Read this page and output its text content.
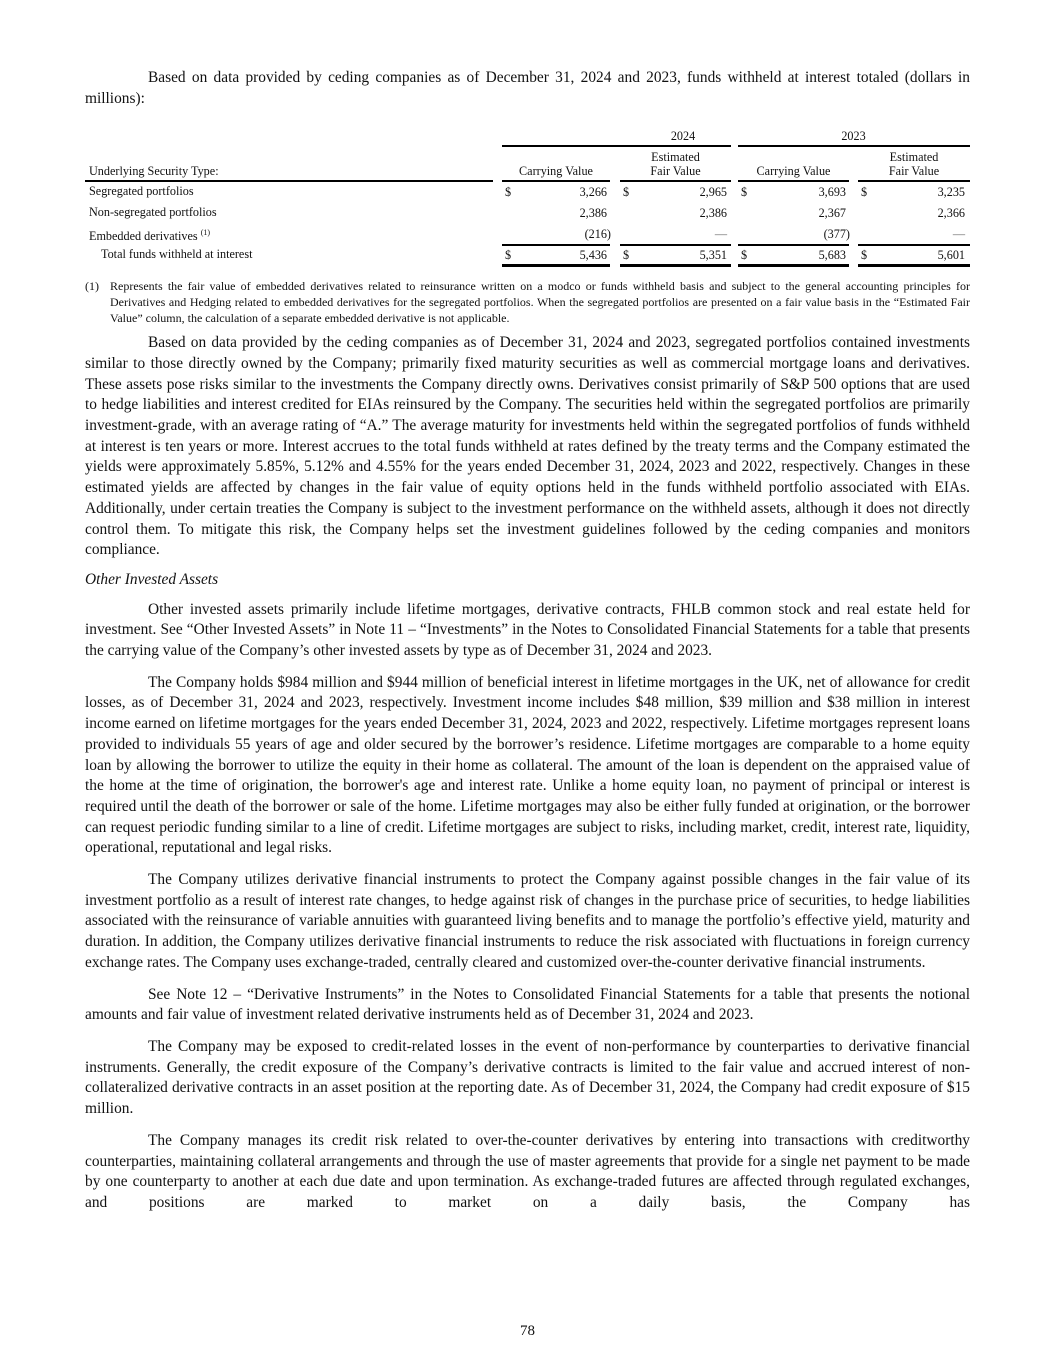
Based on data provided by ceding companies as of December 31, 2024 and 2023, funds withheld at interest totaled (dollars in millions):

2024	2023
Underlying Security Type:	Carrying Value
Estimated
Fair Value	Carrying Value
Estimated
Fair Value
Segregated portfolios	$	3,266 $	2,965 $	3,693 $	3,235
Non-segregated portfolios	2,386	2,386	2,367	2,366
Embedded derivatives $^{(1)}$	(216)	—	(377)	—
Total funds withheld at interest	$	5,436 $	5,351 $	5,683 $	5,601
(1) Represents the fair value of embedded derivatives related to reinsurance written on a modco or funds withheld basis and subject to the general accounting principles for Derivatives and Hedging related to embedded derivatives for the segregated portfolios. When the segregated portfolios are presented on a fair value basis in the “Estimated Fair Value” column, the calculation of a separate embedded derivative is not applicable.

Based on data provided by the ceding companies as of December 31, 2024 and 2023, segregated portfolios contained investments similar to those directly owned by the Company; primarily fixed maturity securities as well as commercial mortgage loans and derivatives. These assets pose risks similar to the investments the Company directly owns. Derivatives consist primarily of S&P 500 options that are used to hedge liabilities and interest credited for EIAs reinsured by the Company. The securities held within the segregated portfolios are primarily investment-grade, with an average rating of “A.” The average maturity for investments held within the segregated portfolios of funds withheld at interest is ten years or more. Interest accrues to the total funds withheld at rates defined by the treaty terms and the Company estimated the yields were approximately 5.85%, 5.12% and 4.55% for the years ended December 31, 2024, 2023 and 2022, respectively. Changes in these estimated yields are affected by changes in the fair value of equity options held in the funds withheld portfolio associated with EIAs. Additionally, under certain treaties the Company is subject to the investment performance on the withheld assets, although it does not directly control them. To mitigate this risk, the Company helps set the investment guidelines followed by the ceding companies and monitors compliance.

Other Invested Assets

Other invested assets primarily include lifetime mortgages, derivative contracts, FHLB common stock and real estate held for investment. See “Other Invested Assets” in Note 11 – “Investments” in the Notes to Consolidated Financial Statements for a table that presents the carrying value of the Company’s other invested assets by type as of December 31, 2024 and 2023.

The Company holds $984 million and $944 million of beneficial interest in lifetime mortgages in the UK, net of allowance for credit losses, as of December 31, 2024 and 2023, respectively. Investment income includes $48 million, $39 million and $38 million in interest income earned on lifetime mortgages for the years ended December 31, 2024, 2023 and 2022, respectively. Lifetime mortgages represent loans provided to individuals 55 years of age and older secured by the borrower’s residence. Lifetime mortgages are comparable to a home equity loan by allowing the borrower to utilize the equity in their home as collateral. The amount of the loan is dependent on the appraised value of the home at the time of origination, the borrower's age and interest rate. Unlike a home equity loan, no payment of principal or interest is required until the death of the borrower or sale of the home. Lifetime mortgages may also be either fully funded at origination, or the borrower can request periodic funding similar to a line of credit. Lifetime mortgages are subject to risks, including market, credit, interest rate, liquidity, operational, reputational and legal risks.

The Company utilizes derivative financial instruments to protect the Company against possible changes in the fair value of its investment portfolio as a result of interest rate changes, to hedge against risk of changes in the purchase price of securities, to hedge liabilities associated with the reinsurance of variable annuities with guaranteed living benefits and to manage the portfolio’s effective yield, maturity and duration. In addition, the Company utilizes derivative financial instruments to reduce the risk associated with fluctuations in foreign currency exchange rates. The Company uses exchange-traded, centrally cleared and customized over-the-counter derivative financial instruments.

See Note 12 – “Derivative Instruments” in the Notes to Consolidated Financial Statements for a table that presents the notional amounts and fair value of investment related derivative instruments held as of December 31, 2024 and 2023.

The Company may be exposed to credit-related losses in the event of non-performance by counterparties to derivative financial instruments. Generally, the credit exposure of the Company’s derivative contracts is limited to the fair value and accrued interest of non-collateralized derivative contracts in an asset position at the reporting date. As of December 31, 2024, the Company had credit exposure of $15 million.

The Company manages its credit risk related to over-the-counter derivatives by entering into transactions with creditworthy counterparties, maintaining collateral arrangements and through the use of master agreements that provide for a single net payment to be made by one counterparty to another at each due date and upon termination. As exchange-traded futures are affected through regulated exchanges, and positions are marked to market on a daily basis, the Company has

78
